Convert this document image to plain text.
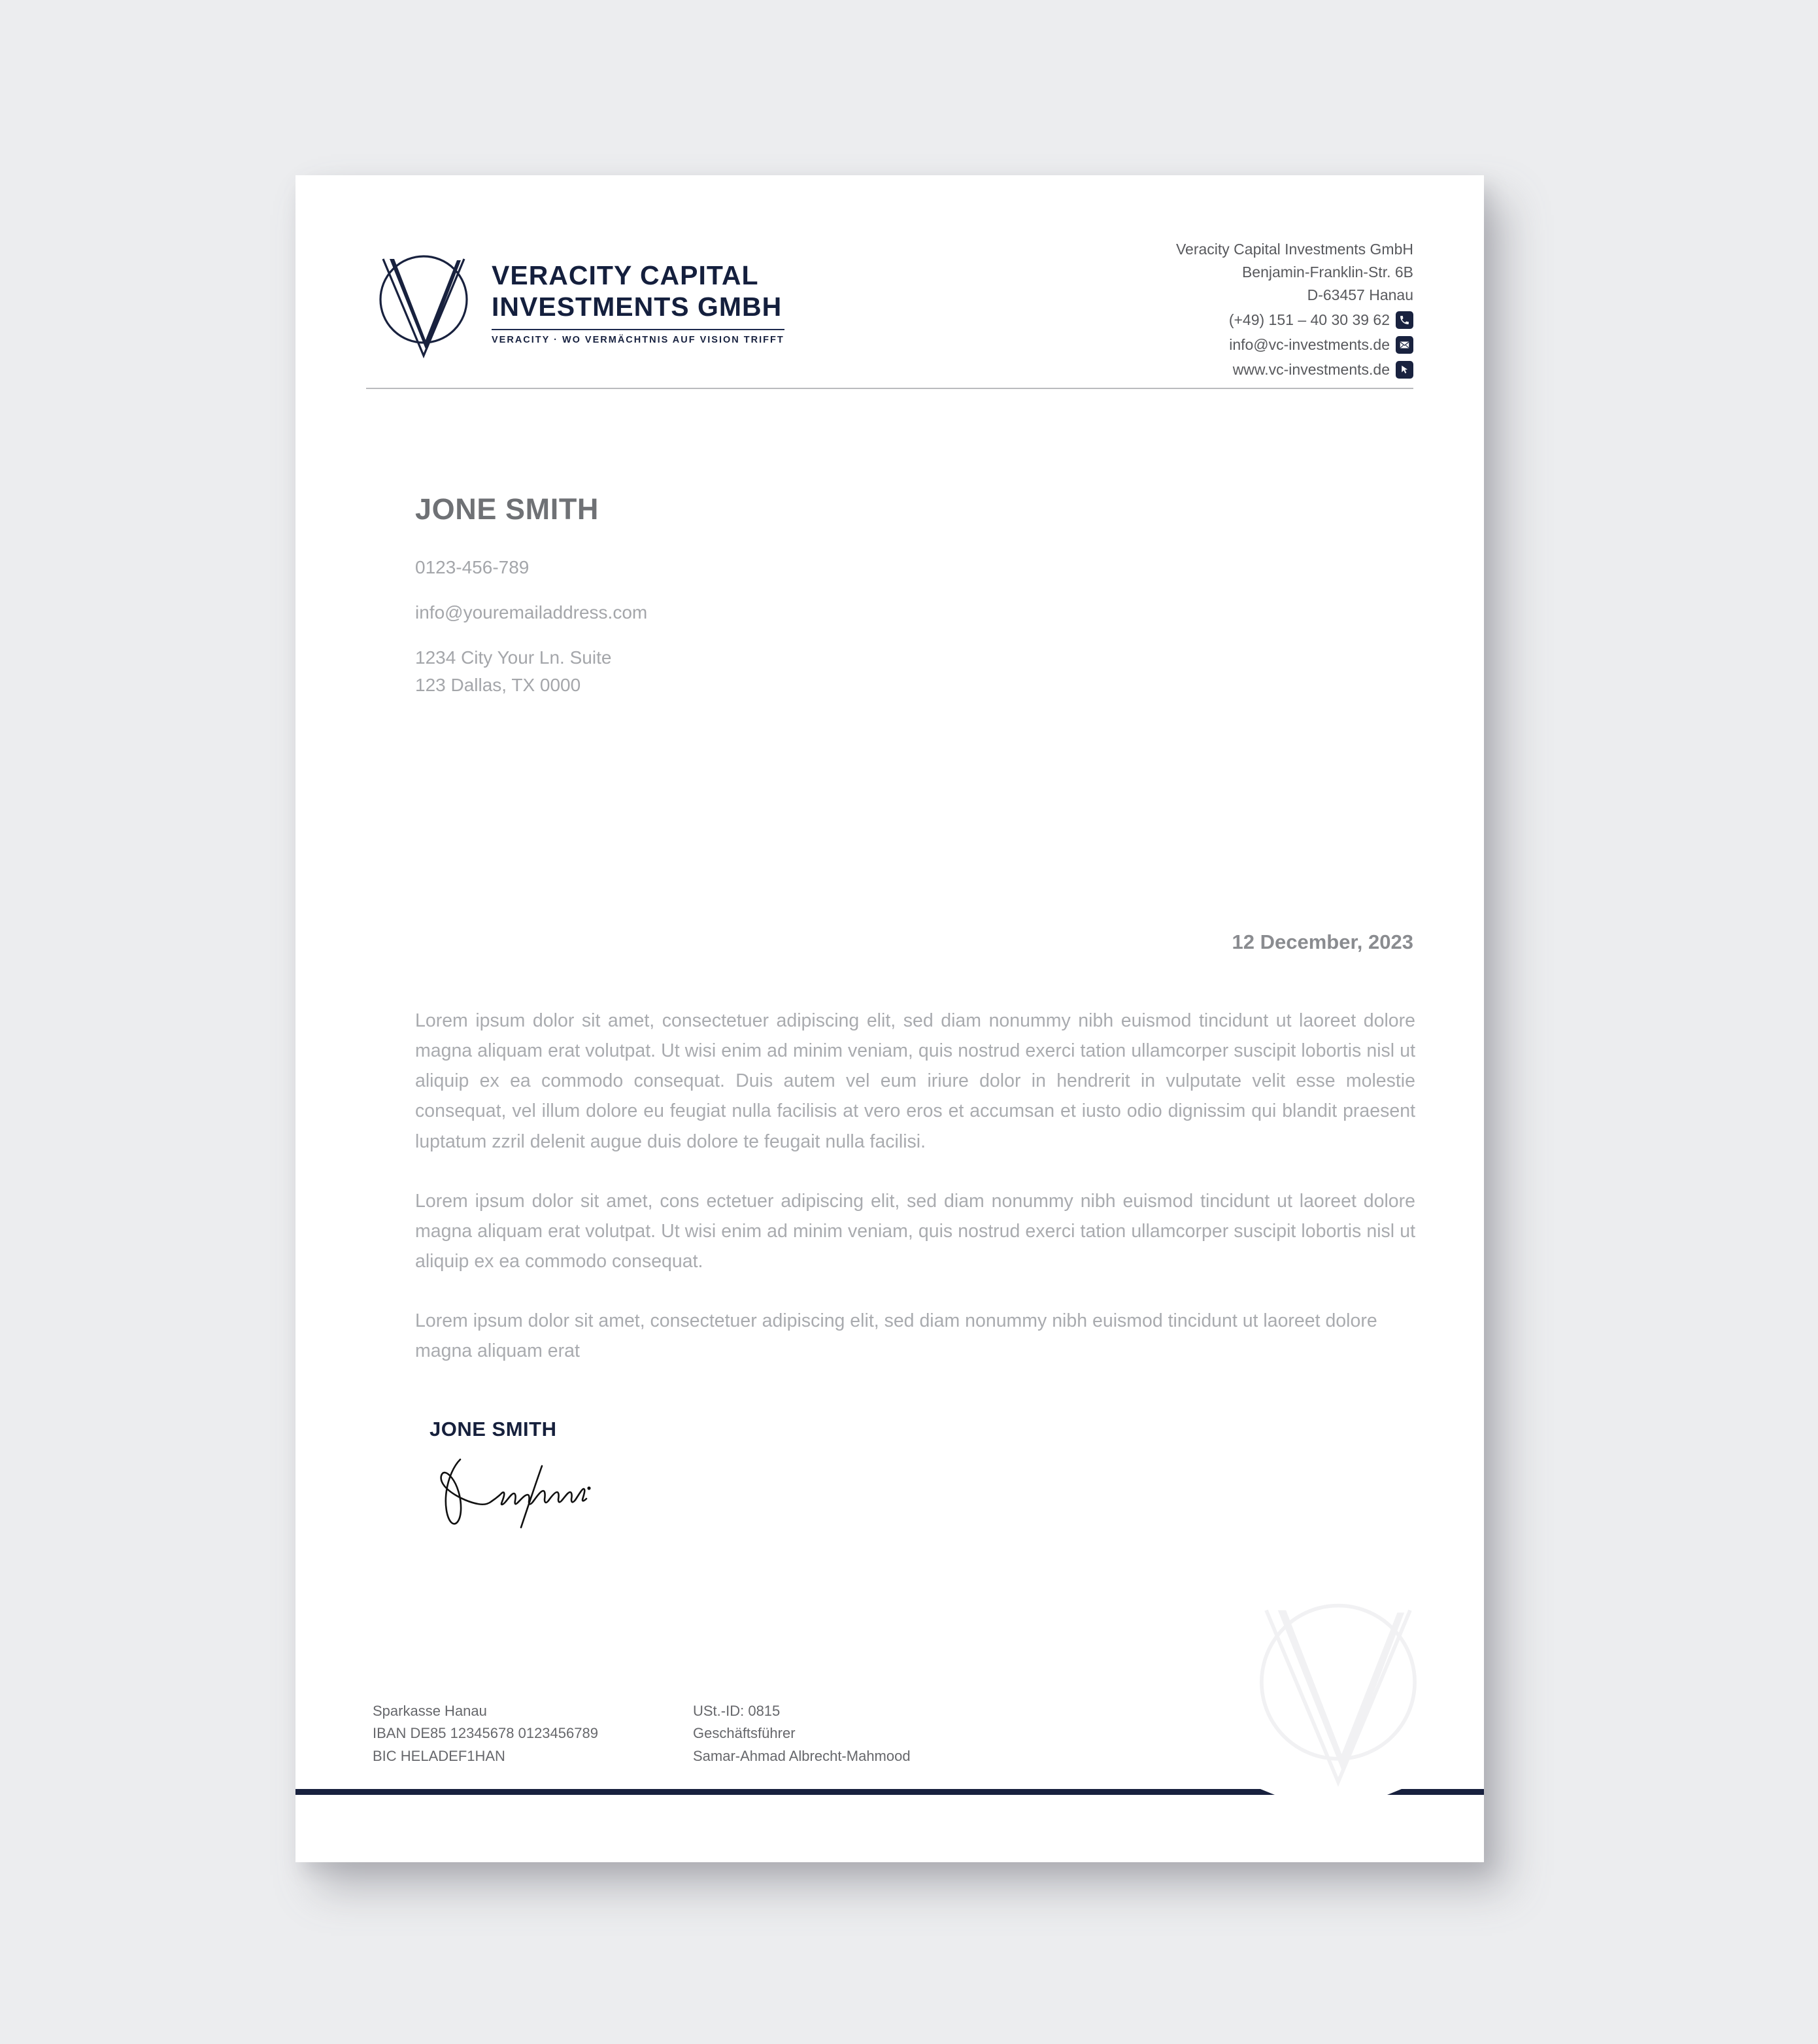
VERACITY CAPITAL
INVESTMENTS GMBH
VERACITY · WO VERMÄCHTNIS AUF VISION TRIFFT
Veracity Capital Investments GmbH
Benjamin-Franklin-Str. 6B
D-63457 Hanau
(+49) 151 – 40 30 39 62
info@vc-investments.de
www.vc-investments.de
JONE SMITH
0123-456-789
info@youremailaddress.com
1234 City Your Ln. Suite
123 Dallas, TX 0000
12 December, 2023

Lorem ipsum dolor sit amet, consectetuer adipiscing elit, sed diam nonummy nibh euismod tincidunt ut laoreet dolore magna aliquam erat volutpat. Ut wisi enim ad minim veniam, quis nostrud exerci tation ullamcorper suscipit lobortis nisl ut aliquip ex ea commodo consequat. Duis autem vel eum iriure dolor in hendrerit in vulputate velit esse molestie consequat, vel illum dolore eu feugiat nulla facilisis at vero eros et accumsan et iusto odio dignissim qui blandit praesent luptatum zzril delenit augue duis dolore te feugait nulla facilisi.

Lorem ipsum dolor sit amet, cons ectetuer adipiscing elit, sed diam nonummy nibh euismod tincidunt ut laoreet dolore magna aliquam erat volutpat. Ut wisi enim ad minim veniam, quis nostrud exerci tation ullamcorper suscipit lobortis nisl ut aliquip ex ea commodo consequat.

Lorem ipsum dolor sit amet, consectetuer adipiscing elit, sed diam nonummy nibh euismod tincidunt ut laoreet dolore magna aliquam erat

JONE SMITH
Sparkasse Hanau
IBAN DE85 12345678 0123456789
BIC HELADEF1HAN
USt.-ID: 0815
Geschäftsführer
Samar-Ahmad Albrecht-Mahmood
